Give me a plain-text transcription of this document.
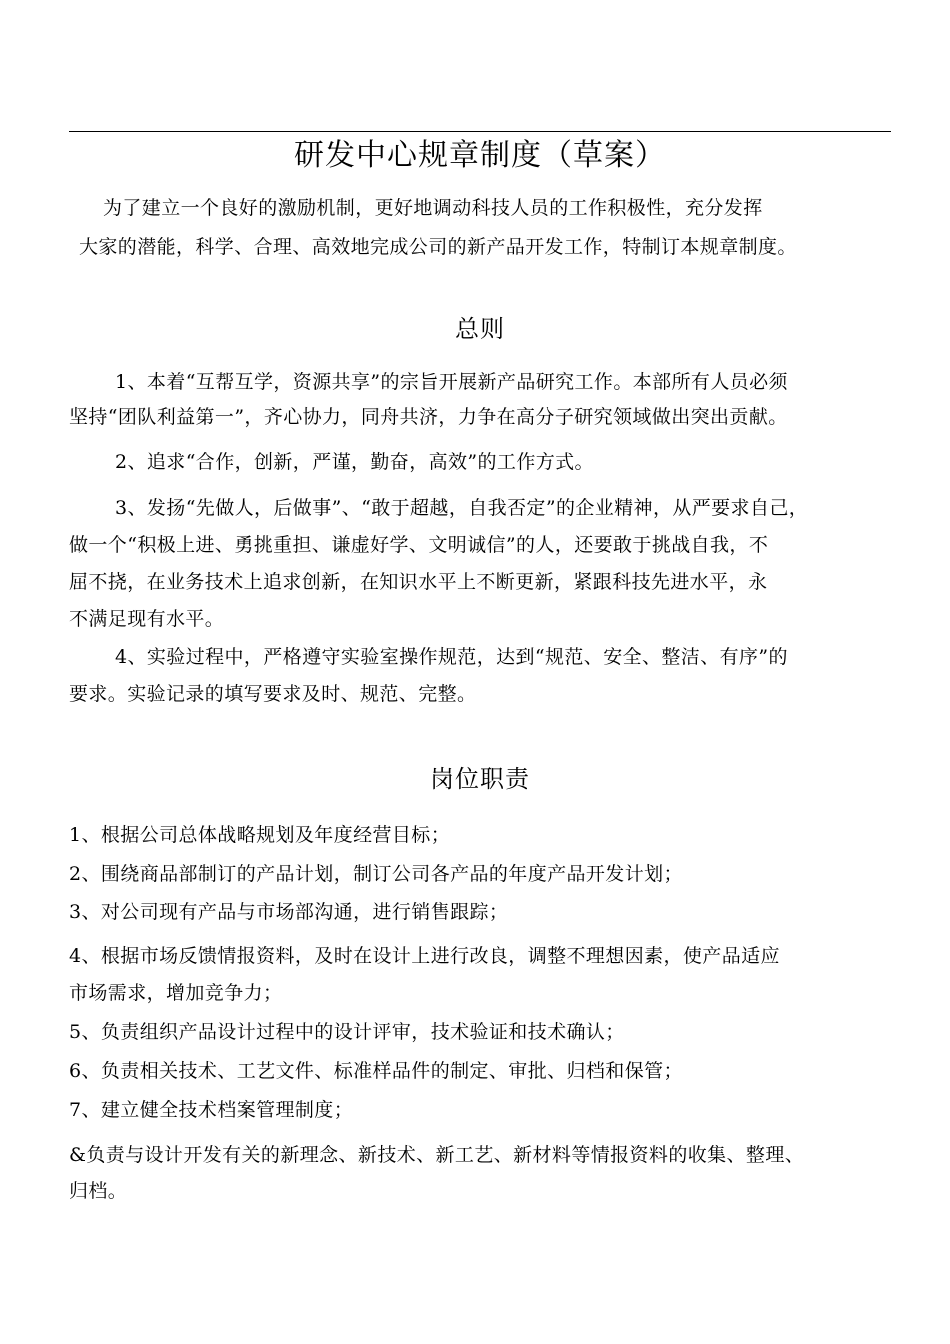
研发中心规章制度（草案）
为了建立一个良好的激励机制，更好地调动科技人员的工作积极性，充分发挥
大家的潜能，科学、合理、高效地完成公司的新产品开发工作，特制订本规章制度。
总则
1、本着“互帮互学，资源共享”的宗旨开展新产品研究工作。本部所有人员必须
坚持“团队利益第一”，齐心协力，同舟共济，力争在高分子研究领域做出突出贡献。
2、追求“合作，创新，严谨，勤奋，高效”的工作方式。
3、发扬“先做人，后做事”、“敢于超越，自我否定”的企业精神，从严要求自己，
做一个“积极上进、勇挑重担、谦虚好学、文明诚信”的人，还要敢于挑战自我，不
屈不挠，在业务技术上追求创新，在知识水平上不断更新，紧跟科技先进水平，永
不满足现有水平。
4、实验过程中，严格遵守实验室操作规范，达到“规范、安全、整洁、有序”的
要求。实验记录的填写要求及时、规范、完整。
岗位职责
1、根据公司总体战略规划及年度经营目标；
2、围绕商品部制订的产品计划，制订公司各产品的年度产品开发计划；
3、对公司现有产品与市场部沟通，进行销售跟踪；
4、根据市场反馈情报资料，及时在设计上进行改良，调整不理想因素，使产品适应
市场需求，增加竞争力；
5、负责组织产品设计过程中的设计评审，技术验证和技术确认；
6、负责相关技术、工艺文件、标准样品件的制定、审批、归档和保管；
7、建立健全技术档案管理制度；
&负责与设计开发有关的新理念、新技术、新工艺、新材料等情报资料的收集、整理、
归档。
